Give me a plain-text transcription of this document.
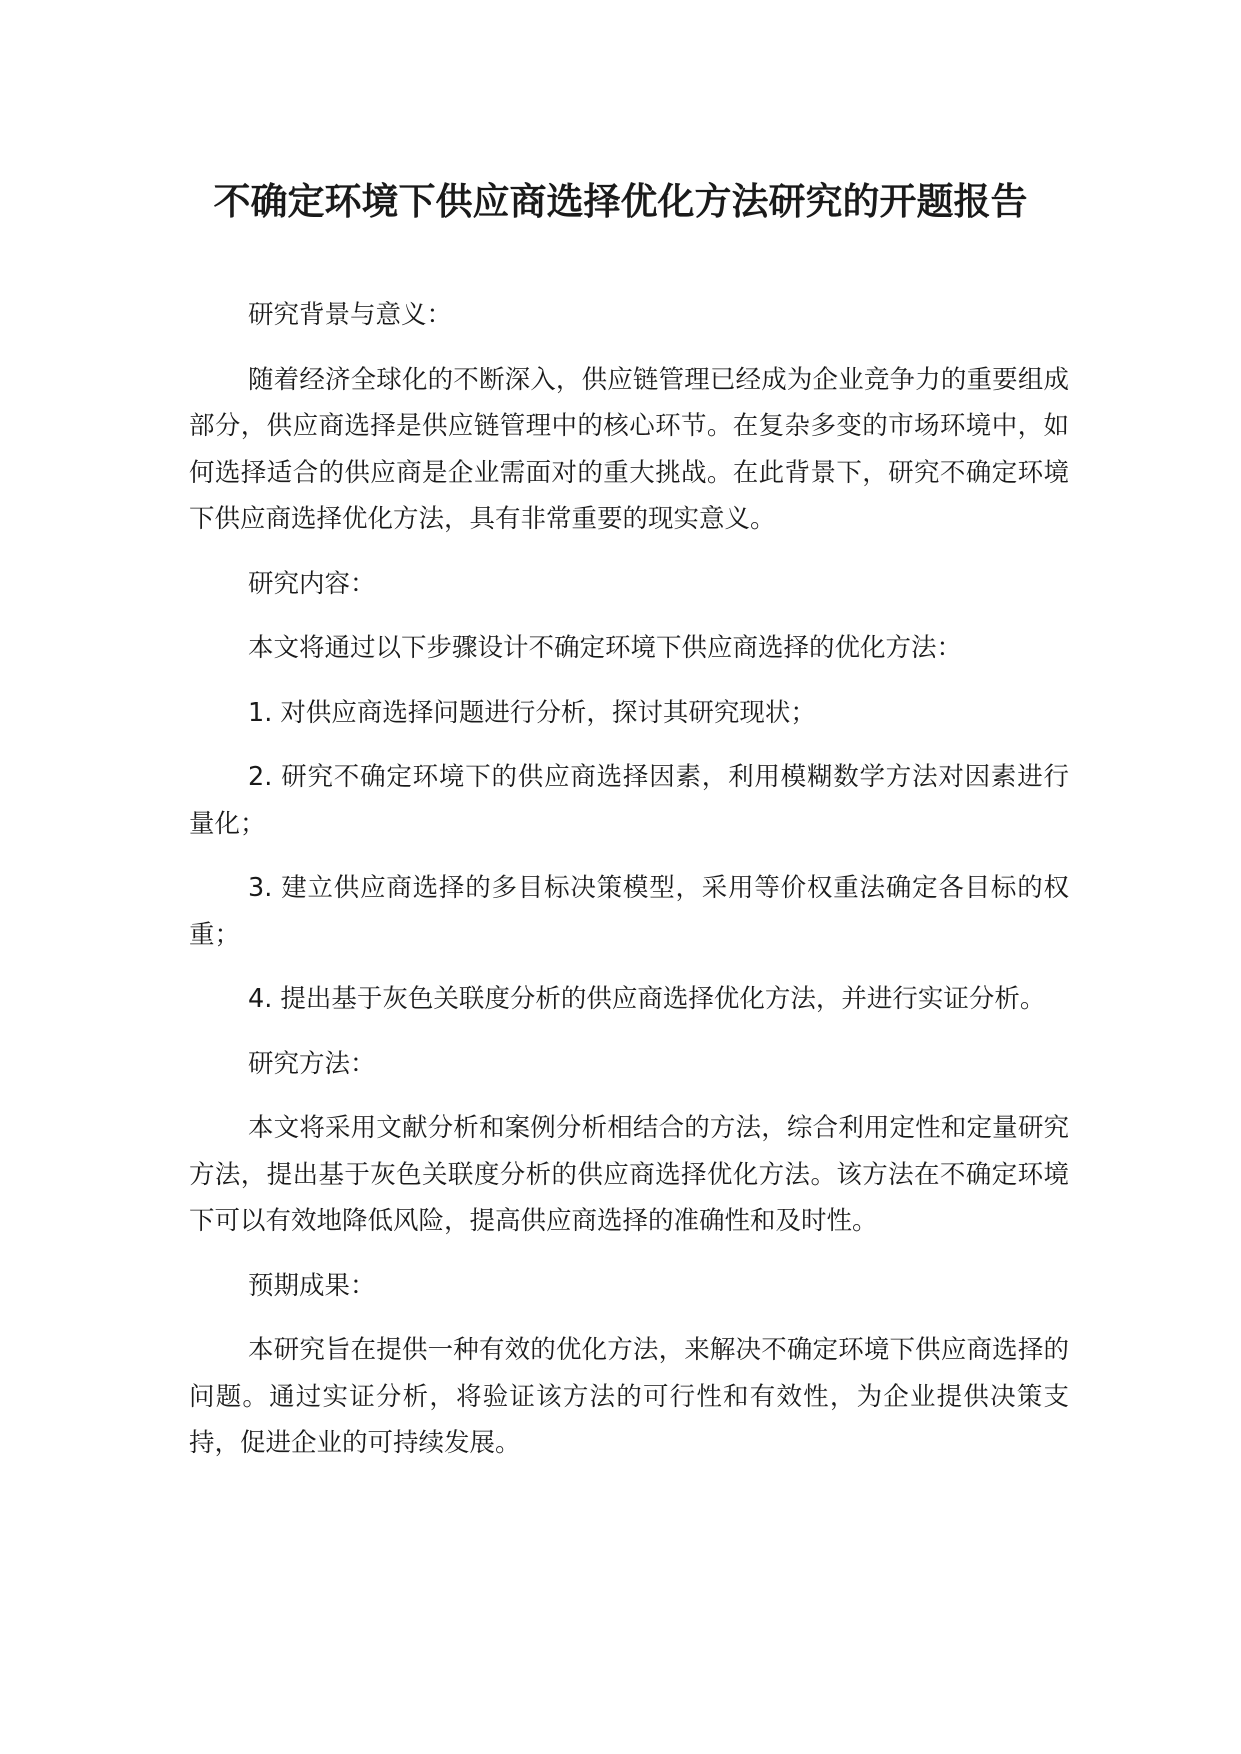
不确定环境下供应商选择优化方法研究的开题报告

研究背景与意义：

随着经济全球化的不断深入，供应链管理已经成为企业竞争力的重要组成部分，供应商选择是供应链管理中的核心环节。在复杂多变的市场环境中，如何选择适合的供应商是企业需面对的重大挑战。在此背景下，研究不确定环境下供应商选择优化方法，具有非常重要的现实意义。

研究内容：

本文将通过以下步骤设计不确定环境下供应商选择的优化方法：

1. 对供应商选择问题进行分析，探讨其研究现状；

2. 研究不确定环境下的供应商选择因素，利用模糊数学方法对因素进行量化；

3. 建立供应商选择的多目标决策模型，采用等价权重法确定各目标的权重；

4. 提出基于灰色关联度分析的供应商选择优化方法，并进行实证分析。

研究方法：

本文将采用文献分析和案例分析相结合的方法，综合利用定性和定量研究方法，提出基于灰色关联度分析的供应商选择优化方法。该方法在不确定环境下可以有效地降低风险，提高供应商选择的准确性和及时性。

预期成果：

本研究旨在提供一种有效的优化方法，来解决不确定环境下供应商选择的问题。通过实证分析，将验证该方法的可行性和有效性，为企业提供决策支持，促进企业的可持续发展。
